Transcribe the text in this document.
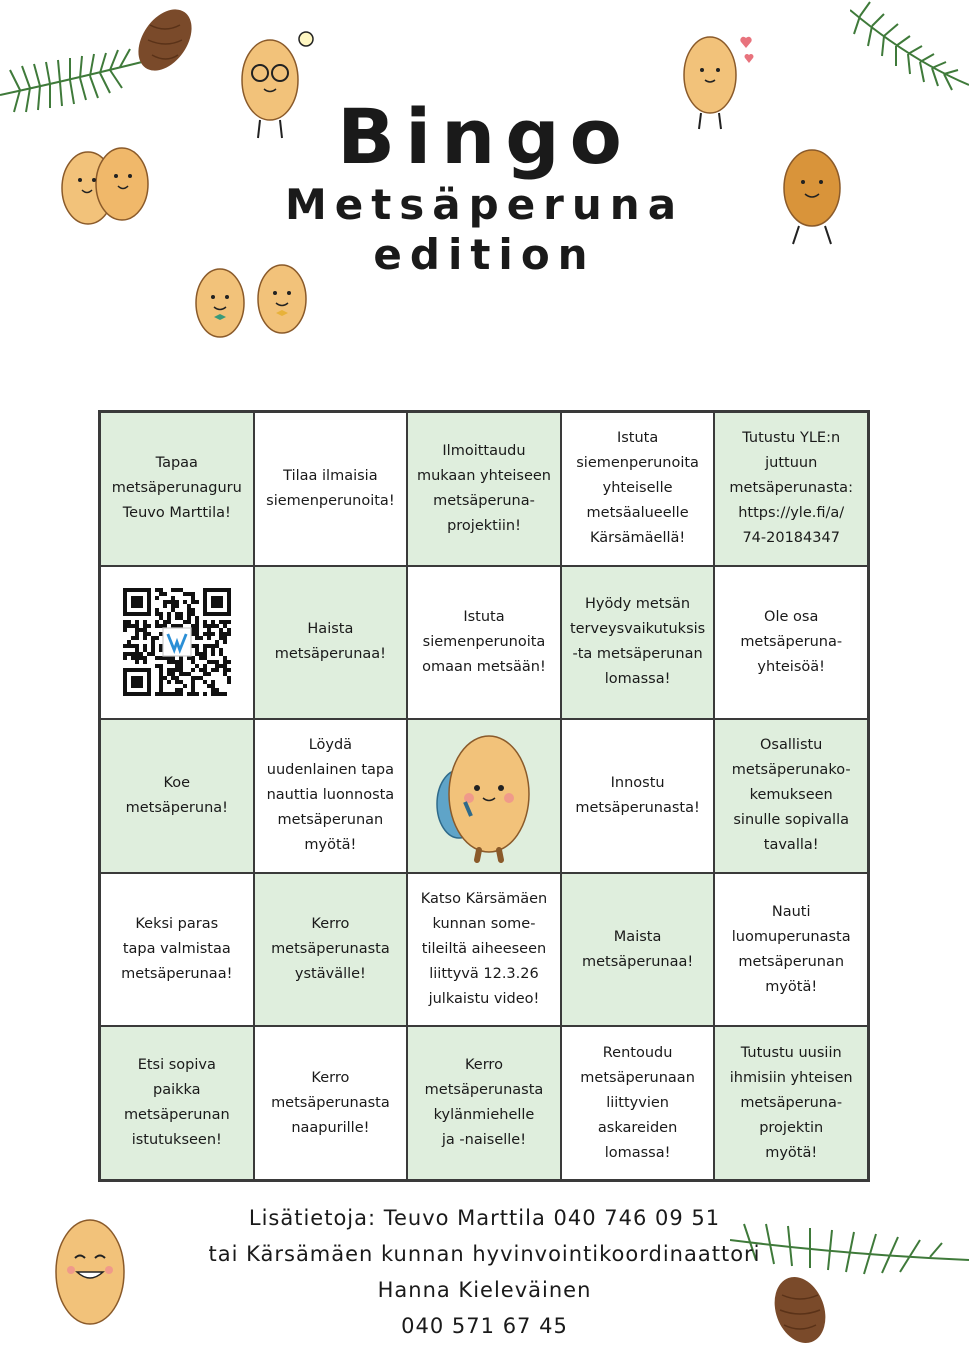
Bingo
Metsäperuna
edition
Tapaa
metsäperunaguru
Teuvo Marttila!
Tilaa ilmaisia
siemenperunoita!
Ilmoittaudu
mukaan yhteiseen
metsäperuna-
projektiin!
Istuta
siemenperunoita
yhteiselle
metsäalueelle
Kärsämäellä!
Tutustu YLE:n
juttuun
metsäperunasta:
https://yle.fi/a/
74-20184347
Haista
metsäperunaa!
Istuta
siemenperunoita
omaan metsään!
Hyödy metsän
terveysvaikutuksis
-ta metsäperunan
lomassa!
Ole osa
metsäperuna-
yhteisöä!
Koe
metsäperuna!
Löydä
uudenlainen tapa
nauttia luonnosta
metsäperunan
myötä!
Innostu
metsäperunasta!
Osallistu
metsäperunako-
kemukseen
sinulle sopivalla
tavalla!
Keksi paras
tapa valmistaa
metsäperunaa!
Kerro
metsäperunasta
ystävälle!
Katso Kärsämäen
kunnan some-
tileiltä aiheeseen
liittyvä 12.3.26
julkaistu video!
Maista
metsäperunaa!
Nauti
luomuperunasta
metsäperunan
myötä!
Etsi sopiva
paikka
metsäperunan
istutukseen!
Kerro
metsäperunasta
naapurille!
Kerro
metsäperunasta
kylänmiehelle
ja -naiselle!
Rentoudu
metsäperunaan
liittyvien
askareiden
lomassa!
Tutustu uusiin
ihmisiin yhteisen
metsäperuna-
projektin
myötä!
Lisätietoja: Teuvo Marttila 040 746 09 51
tai Kärsämäen kunnan hyvinvointikoordinaattori
Hanna Kieleväinen
040 571 67 45
